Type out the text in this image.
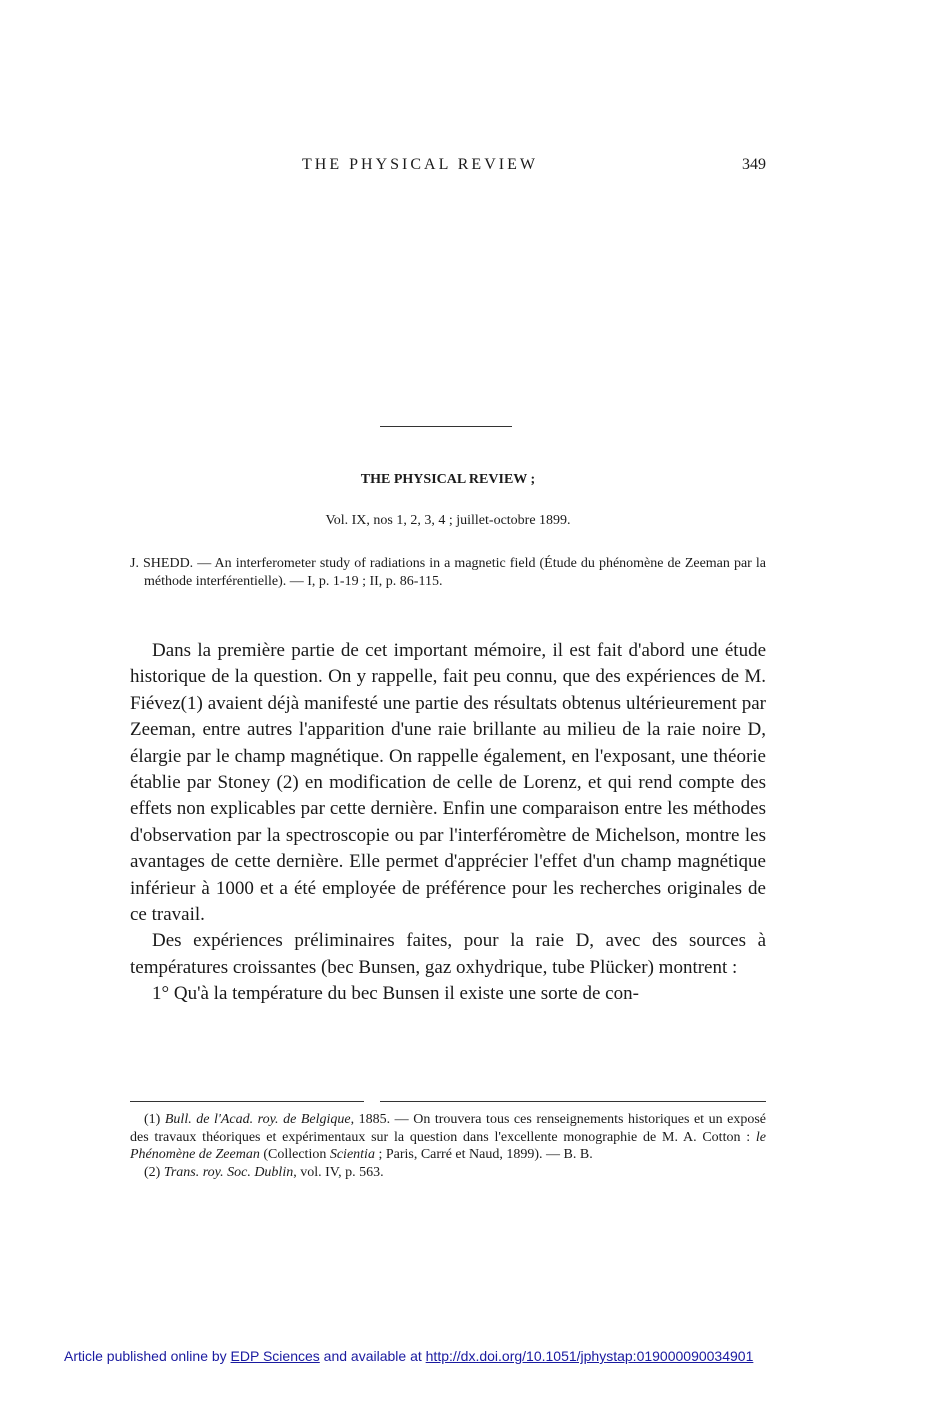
THE PHYSICAL REVIEW	349
THE PHYSICAL REVIEW ;
Vol. IX, nos 1, 2, 3, 4 ; juillet-octobre 1899.
J. SHEDD. — An interferometer study of radiations in a magnetic field (Étude du phénomène de Zeeman par la méthode interférentielle). — I, p. 1-19 ; II, p. 86-115.

Dans la première partie de cet important mémoire, il est fait d'abord une étude historique de la question. On y rappelle, fait peu connu, que des expériences de M. Fiévez(1) avaient déjà manifesté une partie des résultats obtenus ultérieurement par Zeeman, entre autres l'apparition d'une raie brillante au milieu de la raie noire D, élargie par le champ magnétique. On rappelle également, en l'exposant, une théorie établie par Stoney (2) en modification de celle de Lorenz, et qui rend compte des effets non explicables par cette dernière. Enfin une comparaison entre les méthodes d'observation par la spectroscopie ou par l'interféromètre de Michelson, montre les avantages de cette dernière. Elle permet d'apprécier l'effet d'un champ magnétique inférieur à 1000 et a été employée de préférence pour les recherches originales de ce travail.

Des expériences préliminaires faites, pour la raie D, avec des sources à températures croissantes (bec Bunsen, gaz oxhydrique, tube Plücker) montrent :

1° Qu'à la température du bec Bunsen il existe une sorte de con-

(1) Bull. de l'Acad. roy. de Belgique, 1885. — On trouvera tous ces renseignements historiques et un exposé des travaux théoriques et expérimentaux sur la question dans l'excellente monographie de M. A. Cotton : le Phénomène de Zeeman (Collection Scientia ; Paris, Carré et Naud, 1899). — B. B.

(2) Trans. roy. Soc. Dublin, vol. IV, p. 563.

Article published online by EDP Sciences and available at http://dx.doi.org/10.1051/jphystap:019000090034901
